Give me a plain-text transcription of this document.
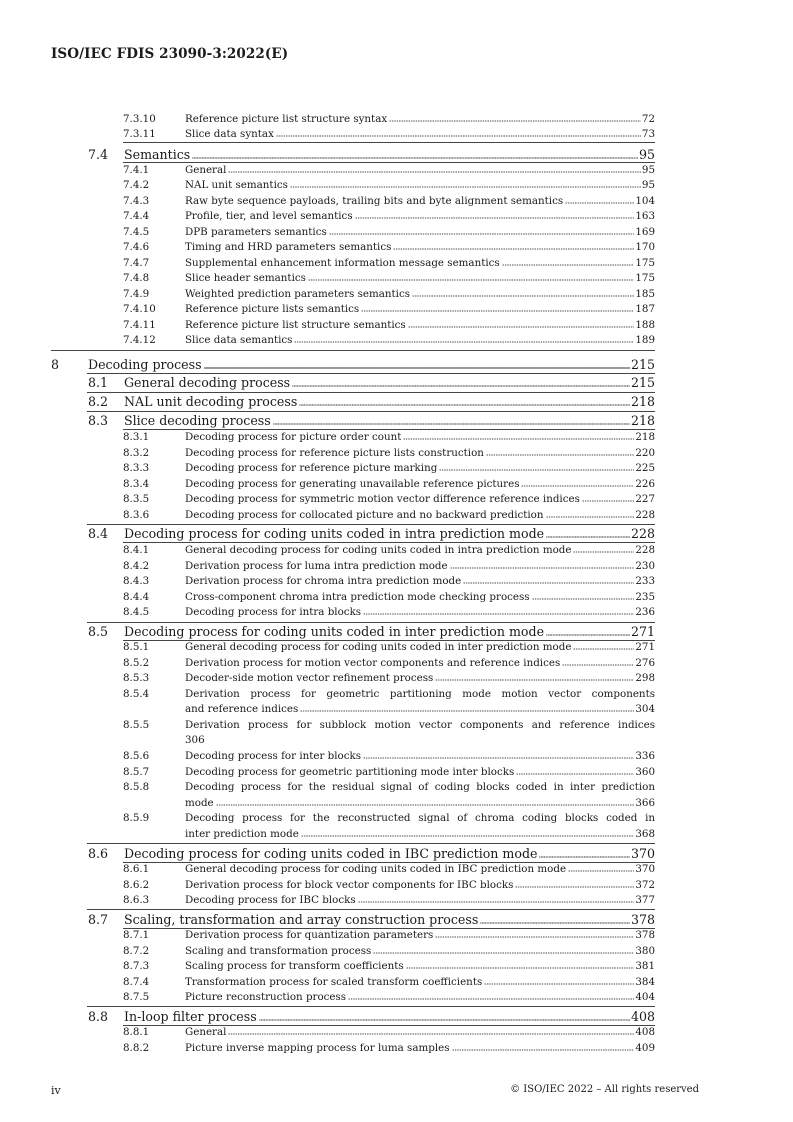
ISO/IEC FDIS 23090-3:2022(E)
7.3.10	Reference picture list structure syntax	72
7.3.11	Slice data syntax	73
7.4 Semantics	95
7.4.1	General	95
7.4.2	NAL unit semantics	95
7.4.3	Raw byte sequence payloads, trailing bits and byte alignment semantics	104
7.4.4	Profile, tier, and level semantics	163
7.4.5	DPB parameters semantics	169
7.4.6	Timing and HRD parameters semantics	170
7.4.7	Supplemental enhancement information message semantics	175
7.4.8	Slice header semantics	175
7.4.9	Weighted prediction parameters semantics	185
7.4.10	Reference picture lists semantics	187
7.4.11	Reference picture list structure semantics	188
7.4.12	Slice data semantics	189
8 Decoding process	215
8.1 General decoding process	215
8.2 NAL unit decoding process	218
8.3 Slice decoding process	218
8.3.1	Decoding process for picture order count	218
8.3.2	Decoding process for reference picture lists construction	220
8.3.3	Decoding process for reference picture marking	225
8.3.4	Decoding process for generating unavailable reference pictures	226
8.3.5	Decoding process for symmetric motion vector difference reference indices	227
8.3.6	Decoding process for collocated picture and no backward prediction	228
8.4 Decoding process for coding units coded in intra prediction mode	228
8.4.1	General decoding process for coding units coded in intra prediction mode	228
8.4.2	Derivation process for luma intra prediction mode	230
8.4.3	Derivation process for chroma intra prediction mode	233
8.4.4	Cross-component chroma intra prediction mode checking process	235
8.4.5	Decoding process for intra blocks	236
8.5 Decoding process for coding units coded in inter prediction mode	271
8.5.1	General decoding process for coding units coded in inter prediction mode	271
8.5.2	Derivation process for motion vector components and reference indices	276
8.5.3	Decoder-side motion vector refinement process	298
8.5.4	Derivation process for geometric partitioning mode motion vector components
and reference indices	304
8.5.5	Derivation process for subblock motion vector components and reference indices
306
8.5.6	Decoding process for inter blocks	336
8.5.7	Decoding process for geometric partitioning mode inter blocks	360
8.5.8	Decoding process for the residual signal of coding blocks coded in inter prediction
mode	366
8.5.9	Decoding process for the reconstructed signal of chroma coding blocks coded in
inter prediction mode	368
8.6 Decoding process for coding units coded in IBC prediction mode	370
8.6.1	General decoding process for coding units coded in IBC prediction mode	370
8.6.2	Derivation process for block vector components for IBC blocks	372
8.6.3	Decoding process for IBC blocks	377
8.7 Scaling, transformation and array construction process	378
8.7.1	Derivation process for quantization parameters	378
8.7.2	Scaling and transformation process	380
8.7.3	Scaling process for transform coefficients	381
8.7.4	Transformation process for scaled transform coefficients	384
8.7.5	Picture reconstruction process	404
8.8 In-loop filter process	408
8.8.1	General	408
8.8.2	Picture inverse mapping process for luma samples	409
iv	© ISO/IEC 2022 – All rights reserved
